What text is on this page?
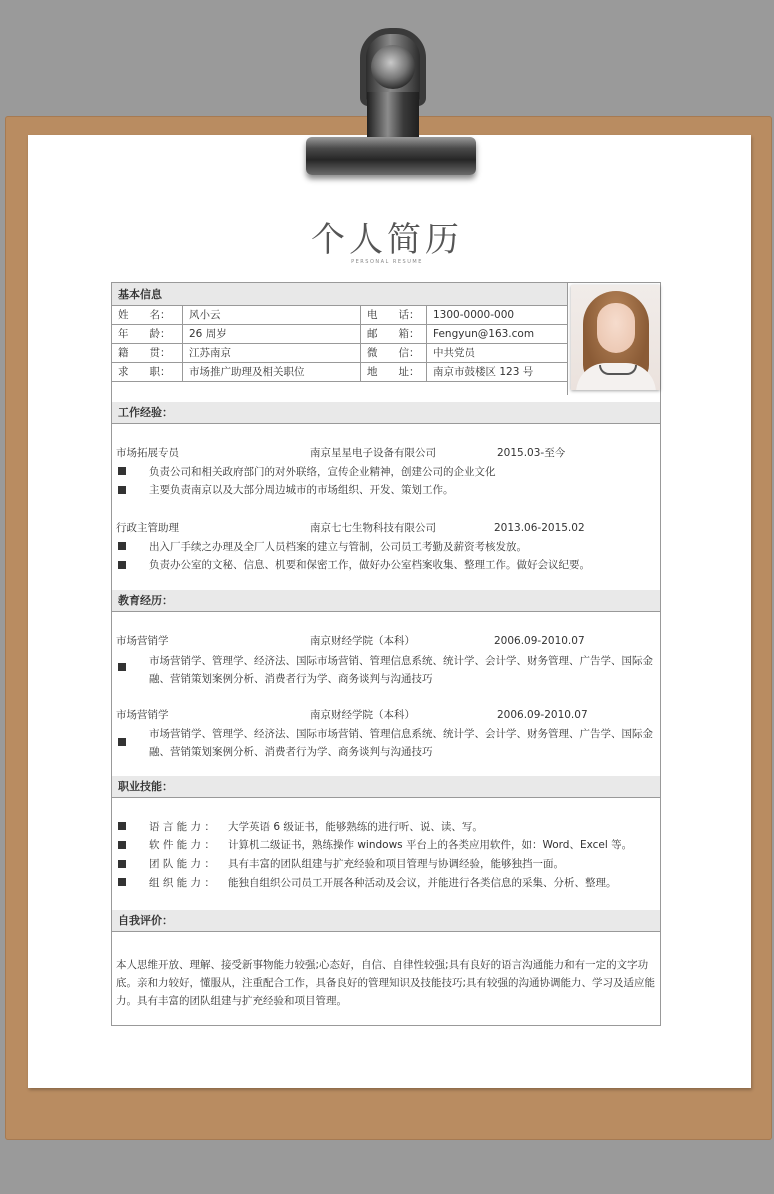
个人简历
PERSONAL RESUME
基本信息
姓　　名： 风小云	电　　话： 1300-0000-000
年　　龄： 26 周岁	邮　　箱： Fengyun@163.com
籍　　贯： 江苏南京	微　　信： 中共党员
求　　职： 市场推广助理及相关职位	地　　址： 南京市鼓楼区 123 号
工作经验：
市场拓展专员	南京星星电子设备有限公司	2015.03-至今
负责公司和相关政府部门的对外联络，宣传企业精神，创建公司的企业文化
主要负责南京以及大部分周边城市的市场组织、开发、策划工作。
行政主管助理	南京七七生物科技有限公司	2013.06-2015.02
出入厂手续之办理及全厂人员档案的建立与管制，公司员工考勤及薪资考核发放。
负责办公室的文秘、信息、机要和保密工作，做好办公室档案收集、整理工作。做好会议纪要。
教育经历：
市场营销学	南京财经学院（本科）	2006.09-2010.07
市场营销学、管理学、经济法、国际市场营销、管理信息系统、统计学、会计学、财务管理、广告学、国际金融、营销策划案例分析、消费者行为学、商务谈判与沟通技巧
市场营销学	南京财经学院（本科）	2006.09-2010.07
市场营销学、管理学、经济法、国际市场营销、管理信息系统、统计学、会计学、财务管理、广告学、国际金融、营销策划案例分析、消费者行为学、商务谈判与沟通技巧
职业技能：
语 言 能 力 ： 大学英语 6 级证书，能够熟练的进行听、说、读、写。
软 件 能 力 ： 计算机二级证书，熟练操作 windows 平台上的各类应用软件，如：Word、Excel 等。
团 队 能 力 ： 具有丰富的团队组建与扩充经验和项目管理与协调经验，能够独挡一面。
组 织 能 力 ： 能独自组织公司员工开展各种活动及会议，并能进行各类信息的采集、分析、整理。
自我评价：
本人思维开放、理解、接受新事物能力较强;心态好，自信、自律性较强;具有良好的语言沟通能力和有一定的文字功底。亲和力较好，懂服从，注重配合工作，具备良好的管理知识及技能技巧;具有较强的沟通协调能力、学习及适应能力。具有丰富的团队组建与扩充经验和项目管理。
